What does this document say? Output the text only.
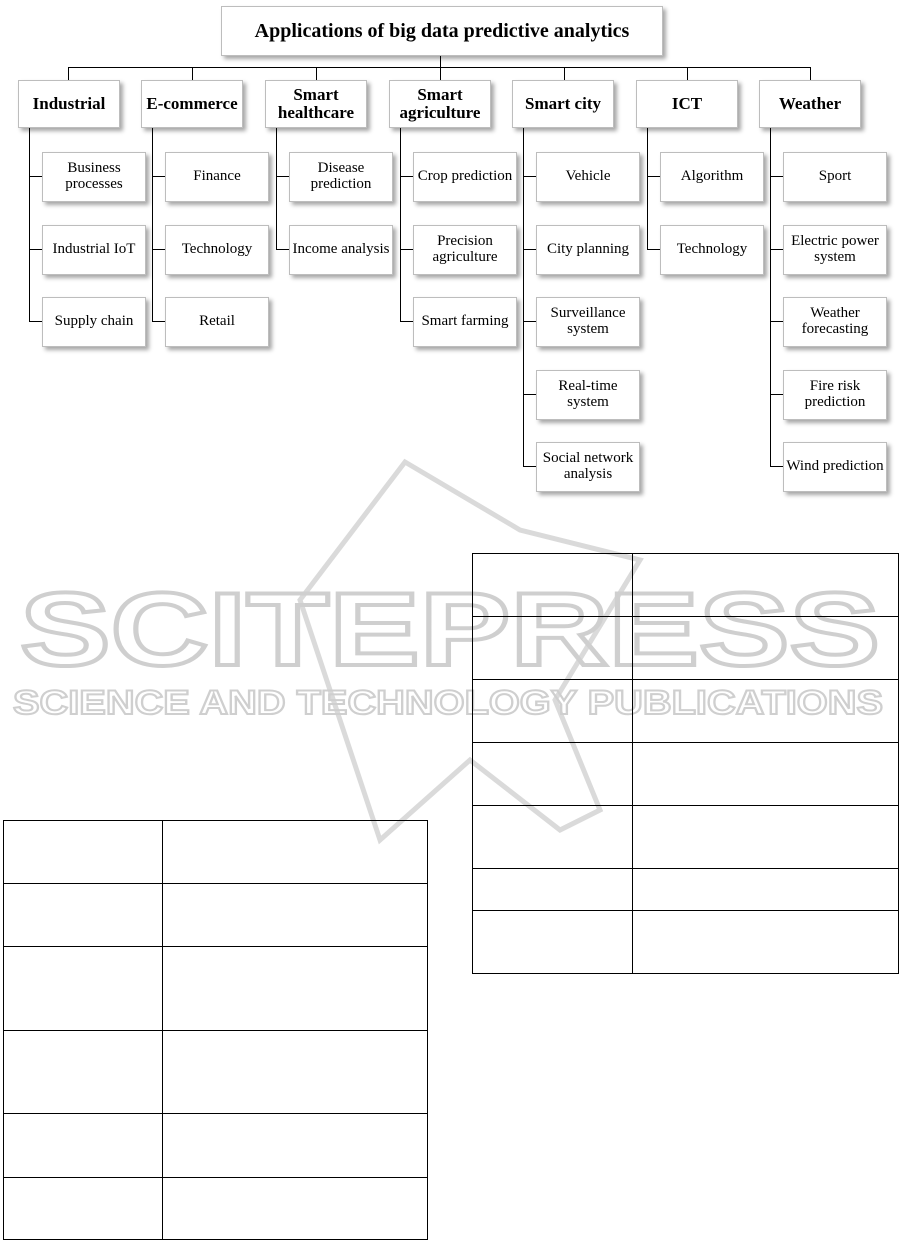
Applications of big data predictive analytics
Industrial
Business processes
Industrial IoT
Supply chain
E-commerce
Finance
Technology
Retail
Smart healthcare
Disease prediction
Income analysis
Smart agriculture
Crop prediction
Precision agriculture
Smart farming
Smart city
Vehicle
City planning
Surveillance system
Real-time system
Social network analysis
ICT
Algorithm
Technology
Weather
Sport
Electric power system
Weather forecasting
Fire risk prediction
Wind prediction
SCITEPRESS
SCIENCE AND TECHNOLOGY PUBLICATIONS
